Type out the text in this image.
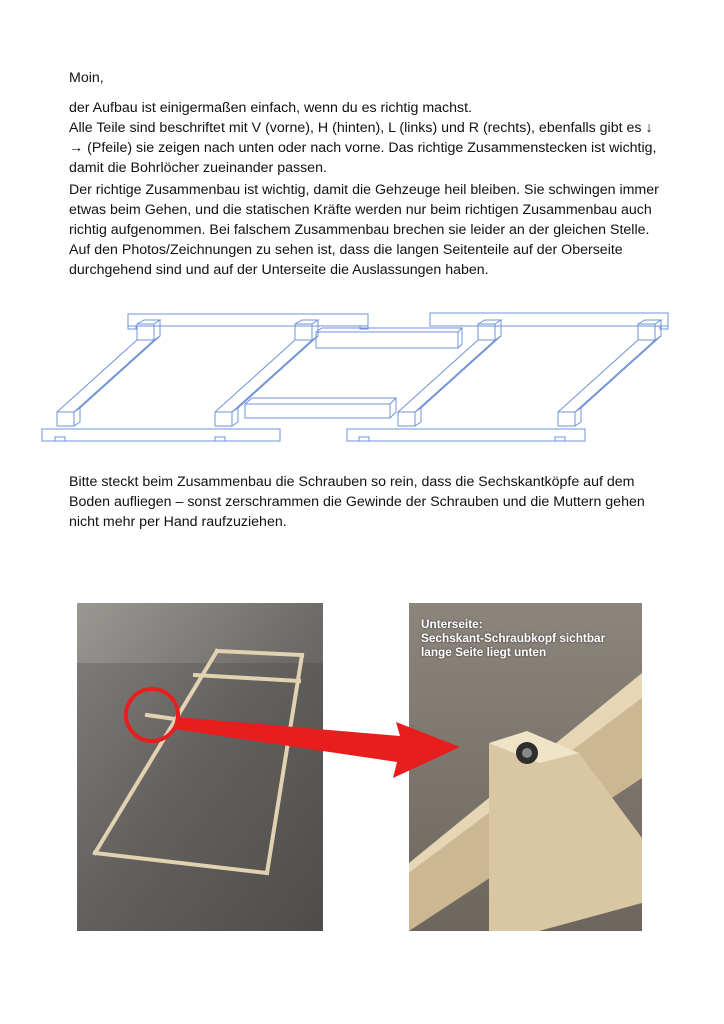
Moin,

der Aufbau ist einigermaßen einfach, wenn du es richtig machst.

Alle Teile sind beschriftet mit V (vorne), H (hinten), L (links) und R (rechts), ebenfalls gibt es ↓ → (Pfeile) sie zeigen nach unten oder nach vorne. Das richtige Zusammenstecken ist wichtig, damit die Bohrlöcher zueinander passen.

Der richtige Zusammenbau ist wichtig, damit die Gehzeuge heil bleiben. Sie schwingen immer etwas beim Gehen, und die statischen Kräfte werden nur beim richtigen Zusammenbau auch richtig aufgenommen. Bei falschem Zusammenbau brechen sie leider an der gleichen Stelle. Auf den Photos/Zeichnungen zu sehen ist, dass die langen Seitenteile auf der Oberseite durchgehend sind und auf der Unterseite die Auslassungen haben.

Bitte steckt beim Zusammenbau die Schrauben so rein, dass die Sechskantköpfe auf dem Boden aufliegen – sonst zerschrammen die Gewinde der Schrauben und die Muttern gehen nicht mehr per Hand raufzuziehen.

Unterseite:
Sechskant-Schraubkopf sichtbar
lange Seite liegt unten
